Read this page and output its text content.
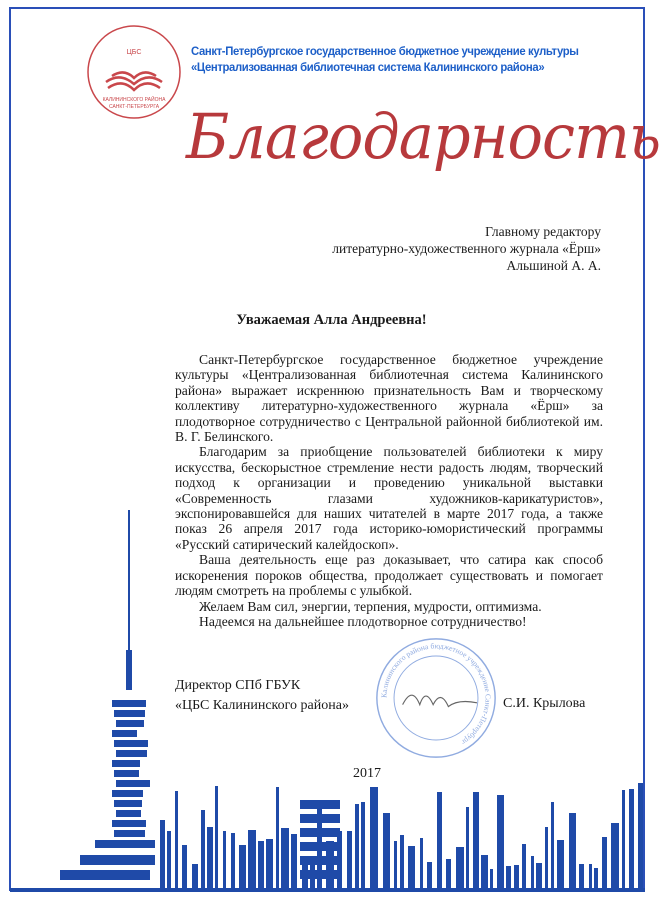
ЦБС
КАЛИНИНСКОГО РАЙОНА
САНКТ-ПЕТЕРБУРГА
Санкт-Петербургское государственное бюджетное учреждение культуры
«Централизованная библиотечная система Калининского района»
Благодарность
Главному редактору
литературно-художественного журнала «Ёрш»
Альшиной А. А.
Уважаемая Алла Андреевна!

Санкт-Петербургское государственное бюджетное учреждение культуры «Централизованная библиотечная система Калининского района» выражает искреннюю признательность Вам и творческому коллективу литературно-художественного журнала «Ёрш» за плодотворное сотрудничество с Центральной районной библиотекой им. В. Г. Белинского.

Благодарим за приобщение пользователей библиотеки к миру искусства, бескорыстное стремление нести радость людям, творческий подход к организации и проведению уникальной выставки «Современность глазами художников-карикатуристов», экспонировавшейся для наших читателей в марте 2017 года, а также показ 26 апреля 2017 года историко-юмористический программы «Русский сатирический калейдоскоп».

Ваша деятельность еще раз доказывает, что сатира как способ искоренения пороков общества, продолжает существовать и помогает людям смотреть на проблемы с улыбкой.

Желаем Вам сил, энергии, терпения, мудрости, оптимизма.

Надеемся на дальнейшее плодотворное сотрудничество!

Калининского района бюджетное учреждение Санкт-Петербург
Директор СПб ГБУК
«ЦБС Калининского района»	С.И. Крылова
2017
